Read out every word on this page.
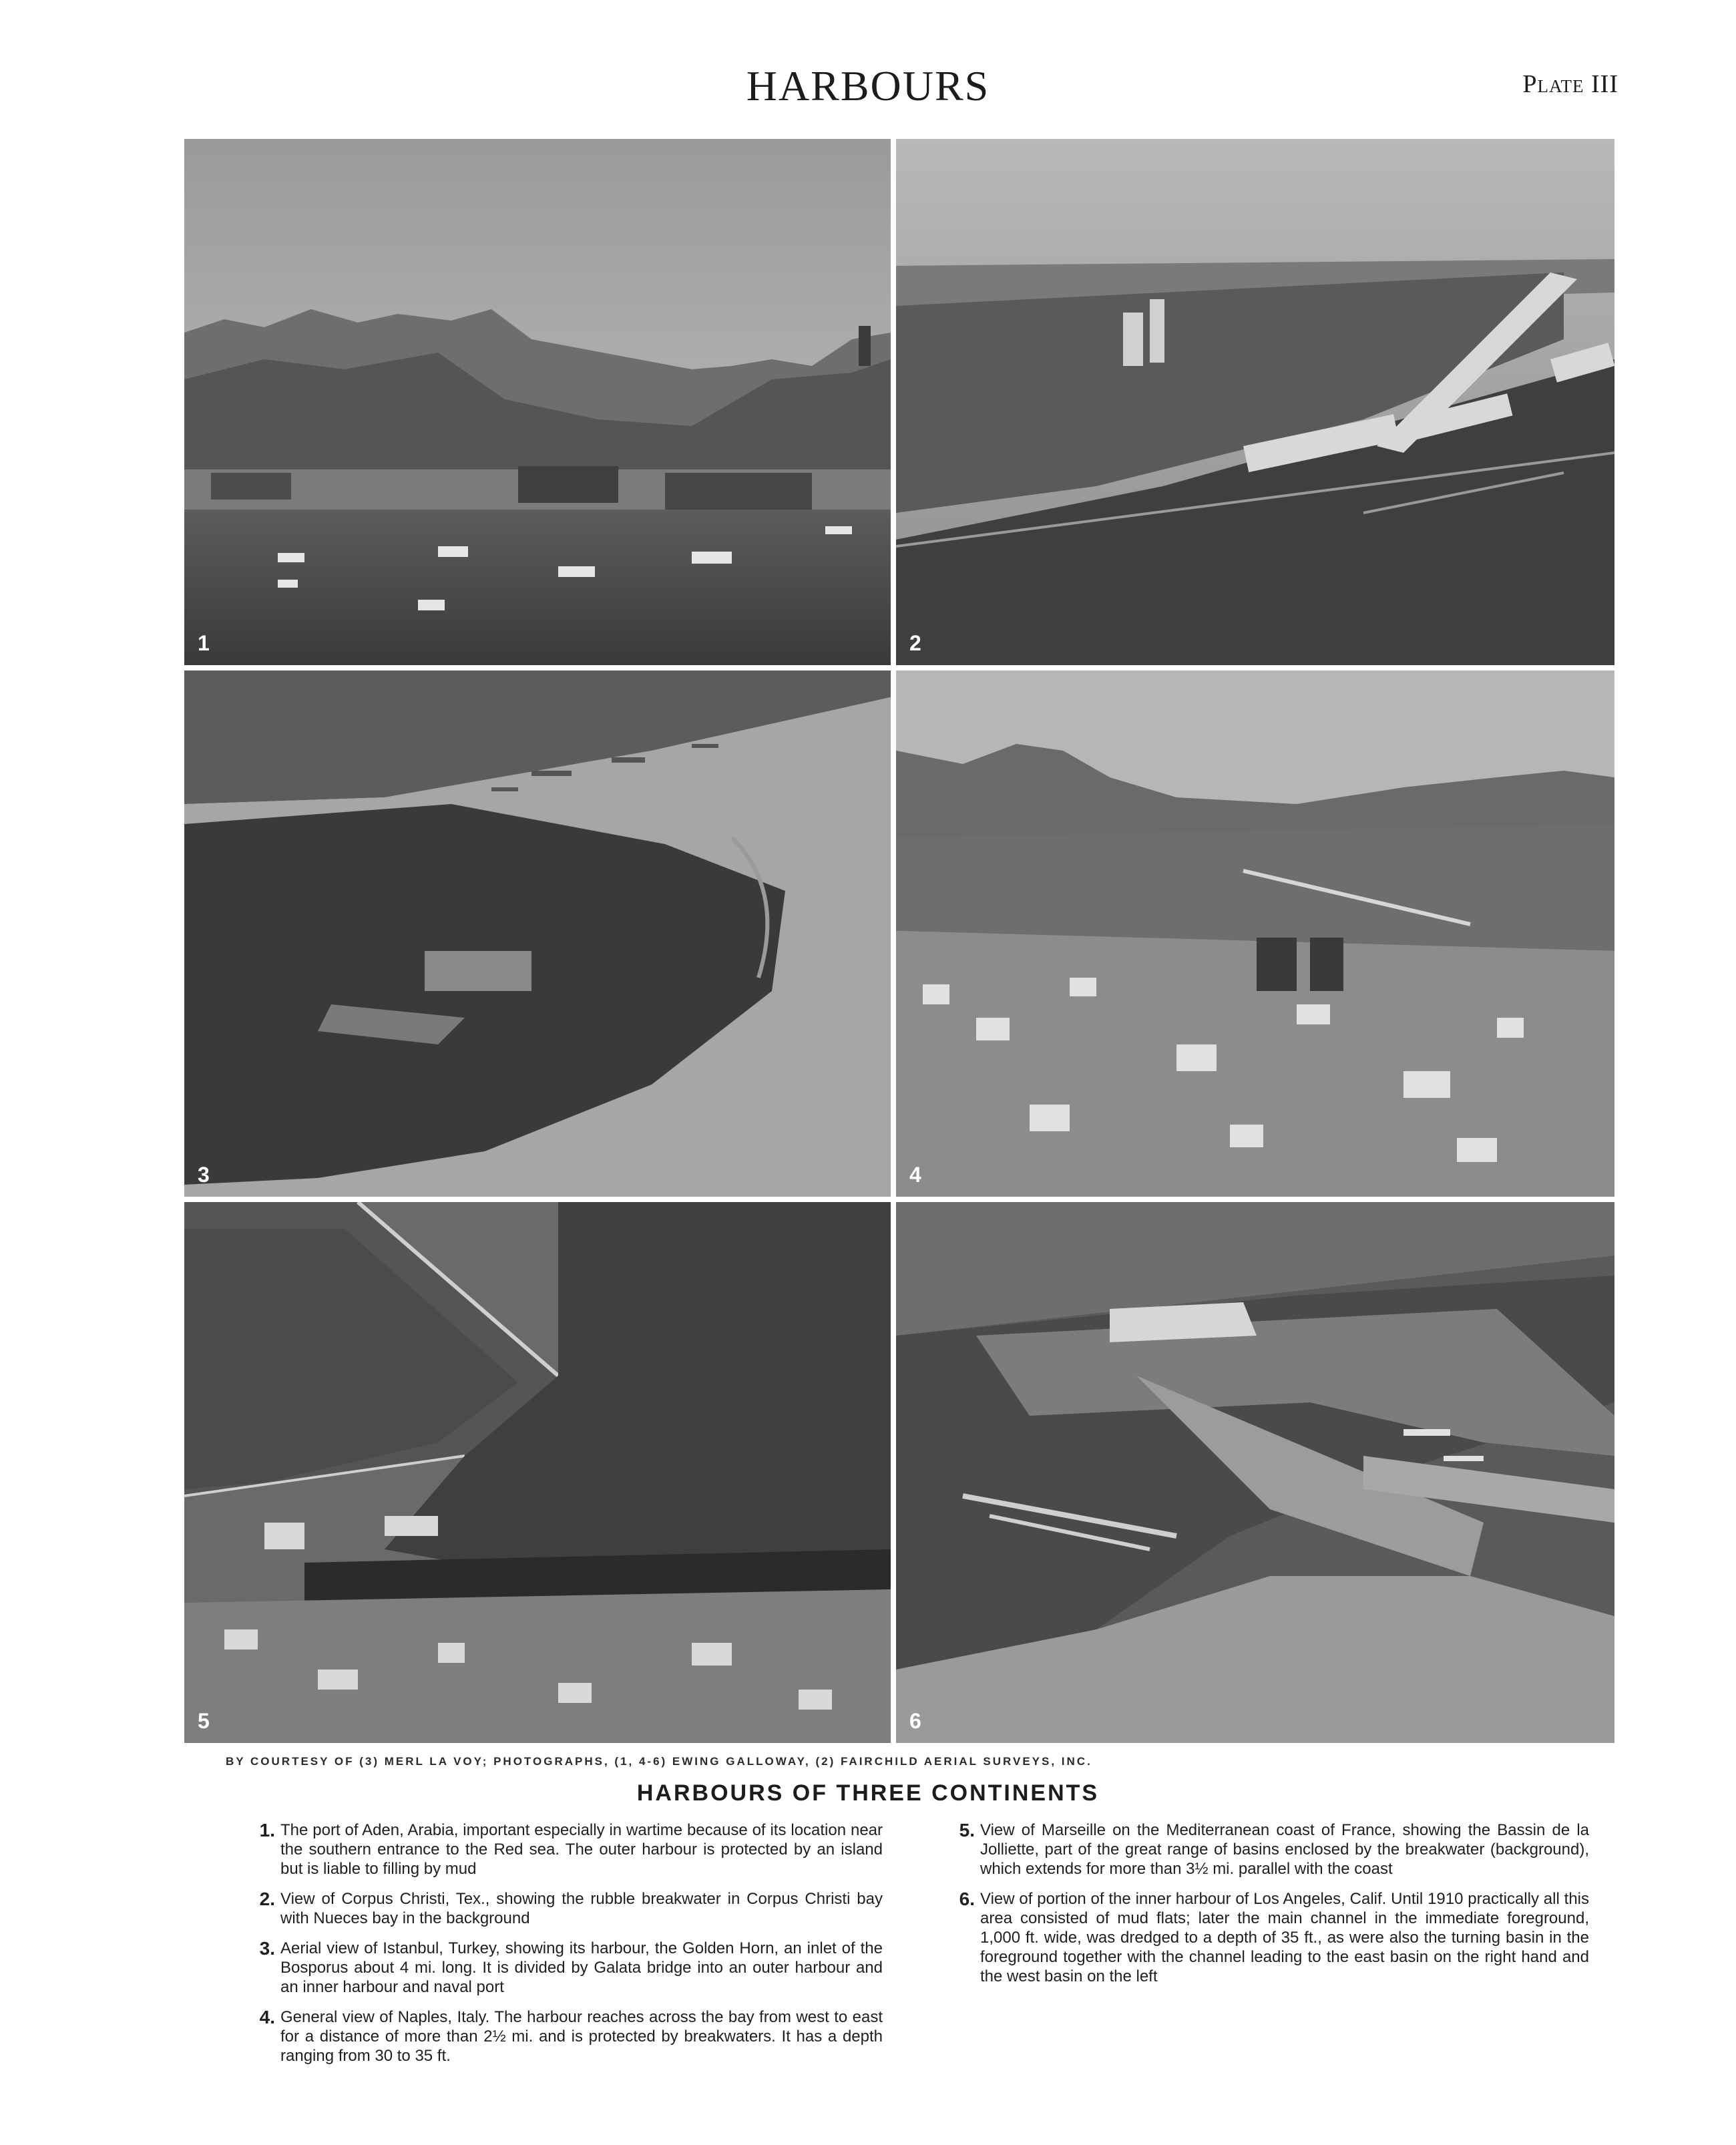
HARBOURS	Plate III
1	2
3	4
5	6
BY COURTESY OF (3) MERL LA VOY; PHOTOGRAPHS, (1, 4-6) EWING GALLOWAY, (2) FAIRCHILD AERIAL SURVEYS, INC.
HARBOURS OF THREE CONTINENTS
1. The port of Aden, Arabia, important especially in wartime because of its location near the southern entrance to the Red sea. The outer harbour is protected by an island but is liable to filling by mud
2. View of Corpus Christi, Tex., showing the rubble breakwater in Corpus Christi bay with Nueces bay in the background
3. Aerial view of Istanbul, Turkey, showing its harbour, the Golden Horn, an inlet of the Bosporus about 4 mi. long. It is divided by Galata bridge into an outer harbour and an inner harbour and naval port
4. General view of Naples, Italy. The harbour reaches across the bay from west to east for a distance of more than 2½ mi. and is protected by breakwaters. It has a depth ranging from 30 to 35 ft.
5. View of Marseille on the Mediterranean coast of France, showing the Bassin de la Jolliette, part of the great range of basins enclosed by the breakwater (background), which extends for more than 3½ mi. parallel with the coast
6. View of portion of the inner harbour of Los Angeles, Calif. Until 1910 practically all this area consisted of mud flats; later the main channel in the immediate foreground, 1,000 ft. wide, was dredged to a depth of 35 ft., as were also the turning basin in the foreground together with the channel leading to the east basin on the right hand and the west basin on the left
